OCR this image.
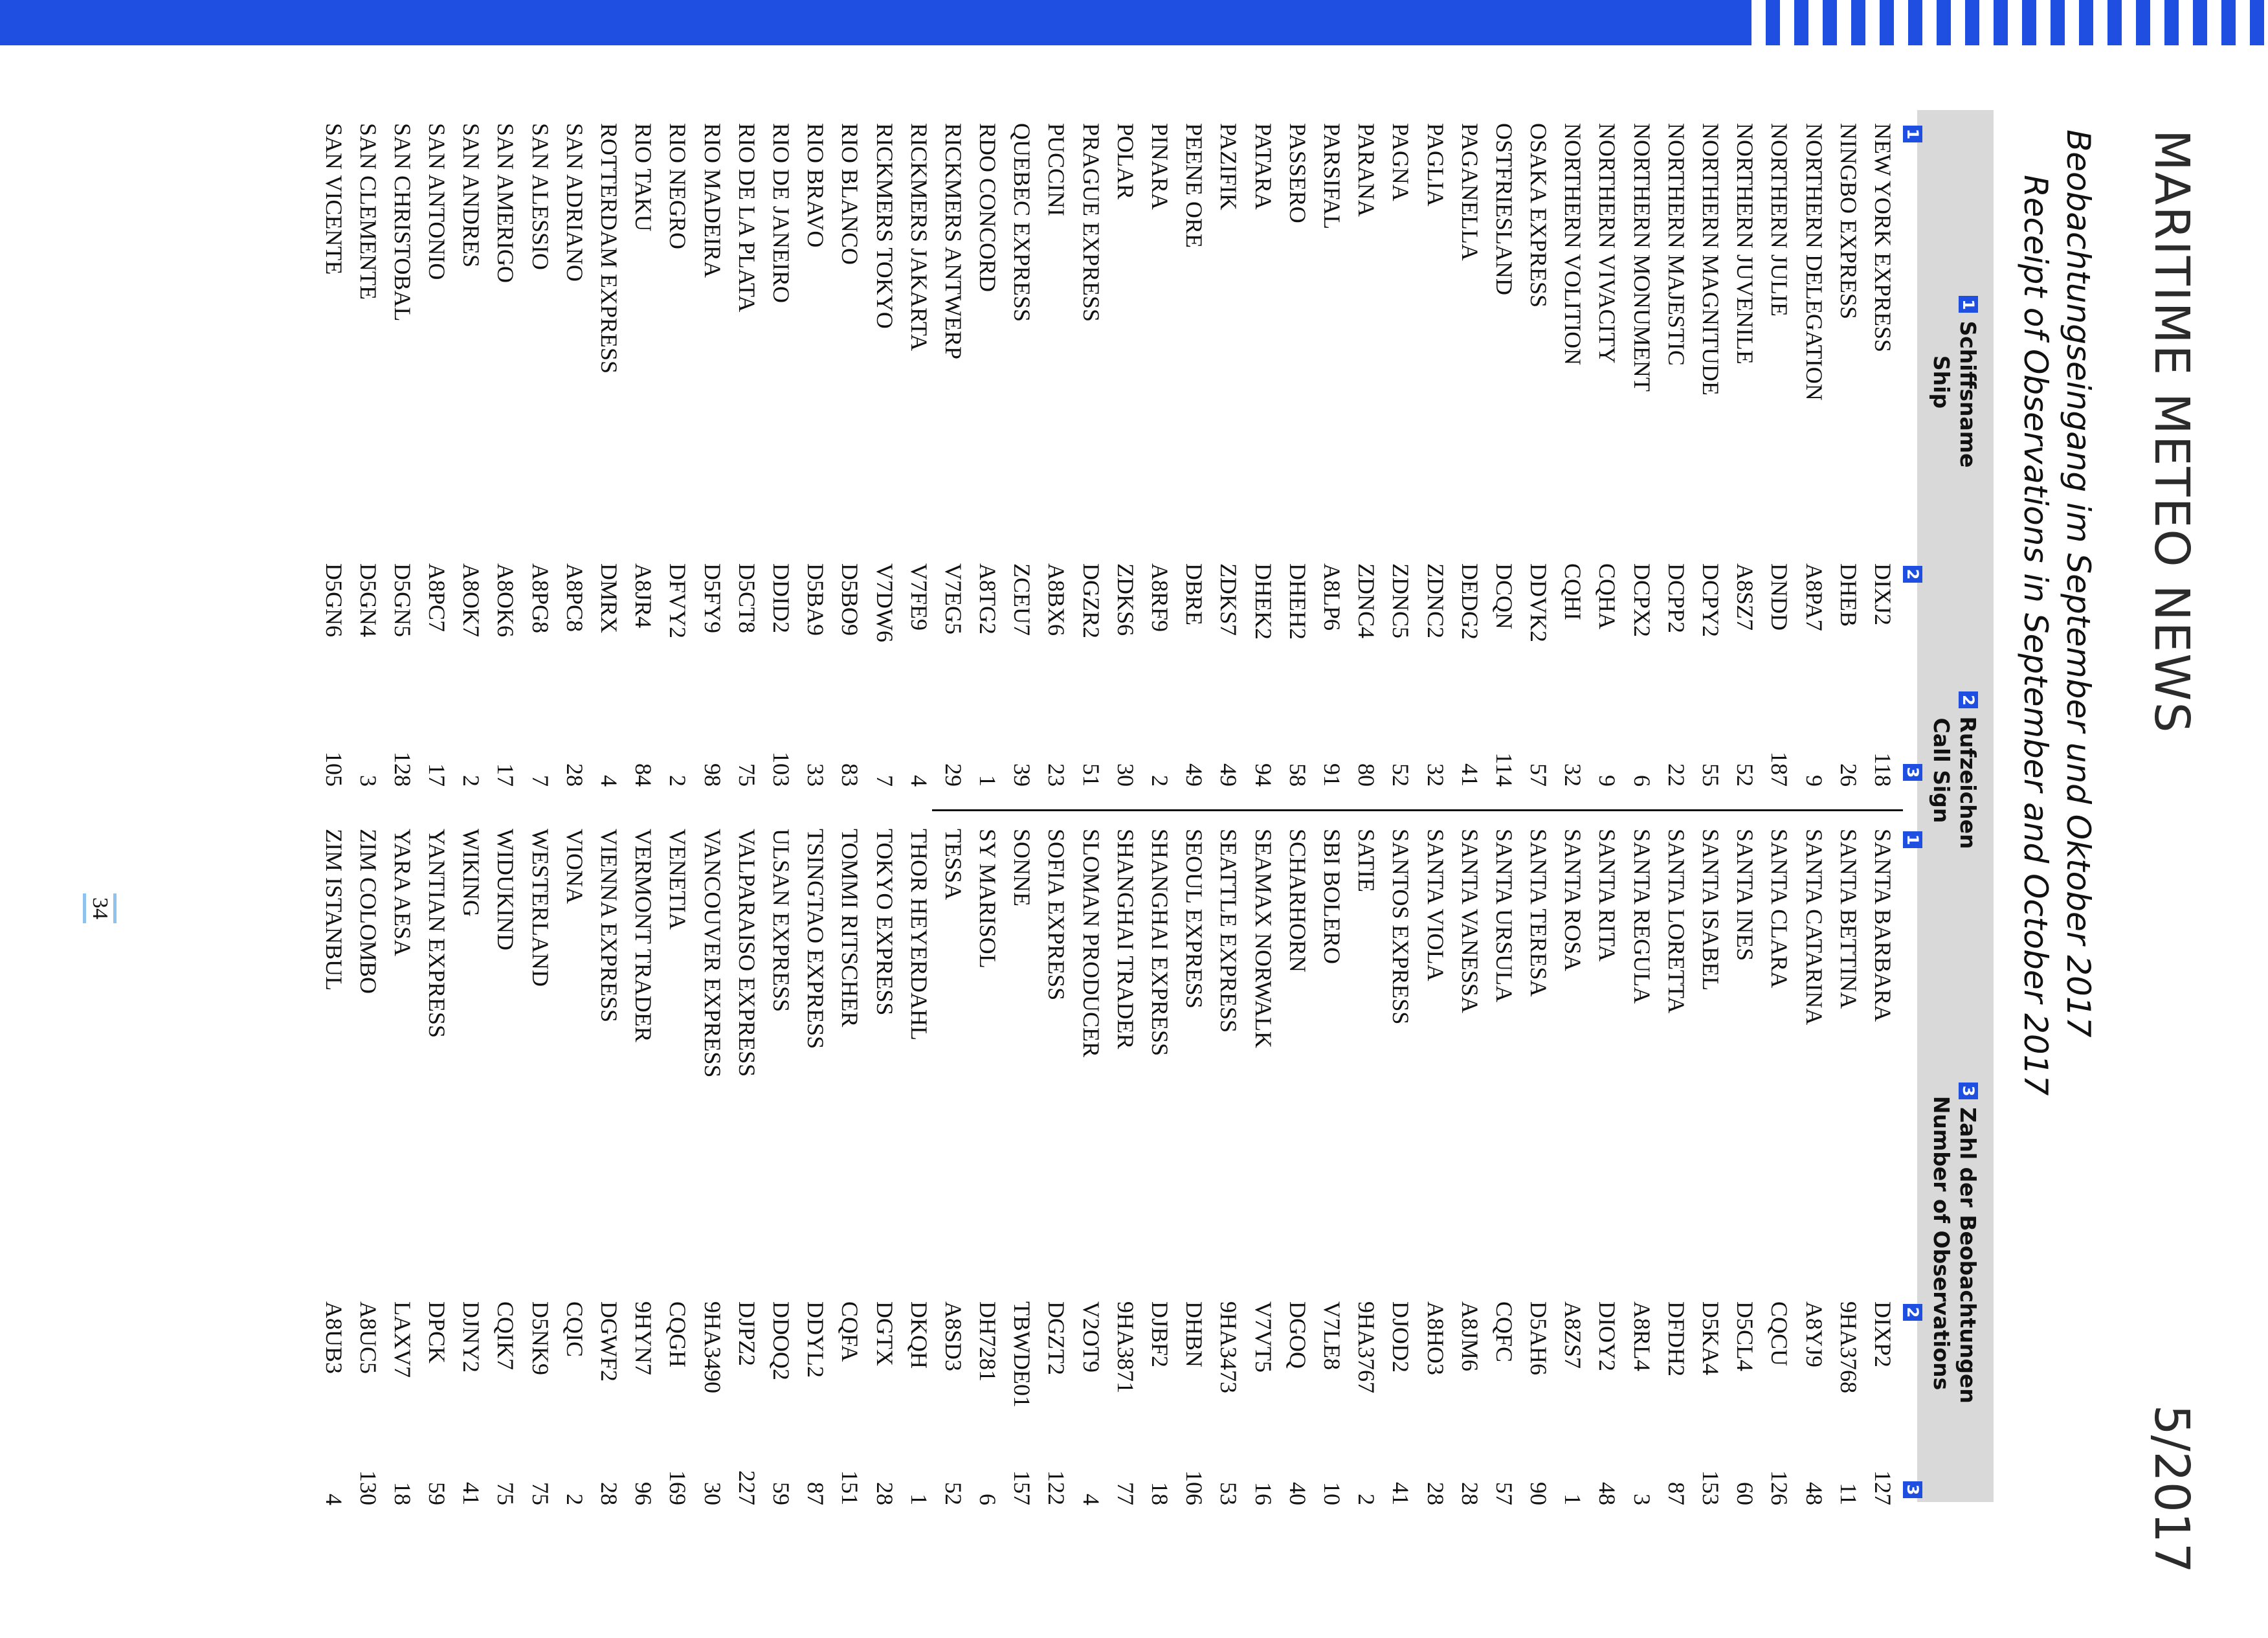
MARITIME METEO NEWS
5/2017
Beobachtungseingang im September und Oktober 2017
Receipt of Observations in September and October 2017
1
Schiffsname
Ship
2
Rufzeichen
Call Sign
3
Zahl der Beobachtungen
Number of Observations
1
2
3
1
2
3
NEW YORK EXPRESS
NINGBO EXPRESS
NORTHERN DELEGATION
NORTHERN JULIE
NORTHERN JUVENILE
NORTHERN MAGNITUDE
NORTHERN MAJESTIC
NORTHERN MONUMENT
NORTHERN VIVACITY
NORTHERN VOLITION
OSAKA EXPRESS
OSTFRIESLAND
PAGANELLA
PAGLIA
PAGNA
PARANA
PARSIFAL
PASSERO
PATARA
PAZIFIK
PEENE ORE
PINARA
POLAR
PRAGUE EXPRESS
PUCCINI
QUEBEC EXPRESS
RDO CONCORD
RICKMERS ANTWERP
RICKMERS JAKARTA
RICKMERS TOKYO
RIO BLANCO
RIO BRAVO
RIO DE JANEIRO
RIO DE LA PLATA
RIO MADEIRA
RIO NEGRO
RIO TAKU
ROTTERDAM EXPRESS
SAN ADRIANO
SAN ALESSIO
SAN AMERIGO
SAN ANDRES
SAN ANTONIO
SAN CHRISTOBAL
SAN CLEMENTE
SAN VICENTE
DIXJ2
DHEB
A8PA7
DNDD
A8SZ7
DCPY2
DCPP2
DCPX2
CQHA
CQHI
DDVK2
DCQN
DEDG2
ZDNC2
ZDNC5
ZDNC4
A8LP6
DHEH2
DHEK2
ZDKS7
DBRE
A8RF9
ZDKS6
DGZR2
A8BX6
ZCEU7
A8TG2
V7EG5
V7FE9
V7DW6
D5BO9
D5BA9
DDID2
D5CT8
D5FY9
DFVY2
A8JR4
DMRX
A8PC8
A8PG8
A8OK6
A8OK7
A8PC7
D5GN5
D5GN4
D5GN6
118
26
9
187
52
55
22
6
9
32
57
114
41
32
52
80
91
58
94
49
49
2
30
51
23
39
1
29
4
7
83
33
103
75
98
2
84
4
28
7
17
2
17
128
3
105
SANTA BARBARA
SANTA BETTINA
SANTA CATARINA
SANTA CLARA
SANTA INES
SANTA ISABEL
SANTA LORETTA
SANTA REGULA
SANTA RITA
SANTA ROSA
SANTA TERESA
SANTA URSULA
SANTA VANESSA
SANTA VIOLA
SANTOS EXPRESS
SATIE
SBI BOLERO
SCHARHORN
SEAMAX NORWALK
SEATTLE EXPRESS
SEOUL EXPRESS
SHANGHAI EXPRESS
SHANGHAI TRADER
SLOMAN PRODUCER
SOFIA EXPRESS
SONNE
SY MARISOL
TESSA
THOR HEYERDAHL
TOKYO EXPRESS
TOMMI RITSCHER
TSINGTAO EXPRESS
ULSAN EXPRESS
VALPARAISO EXPRESS
VANCOUVER EXPRESS
VENETIA
VERMONT TRADER
VIENNA EXPRESS
VIONA
WESTERLAND
WIDUKIND
WIKING
YANTIAN EXPRESS
YARA AESA
ZIM COLOMBO
ZIM ISTANBUL
DIXP2
9HA3768
A8YJ9
CQCU
D5CL4
D5KA4
DFDH2
A8RL4
DIOY2
A8ZS7
D5AH6
CQFC
A8JM6
A8HO3
DJOD2
9HA3767
V7LE8
DGOQ
V7VT5
9HA3473
DHBN
DJBF2
9HA3871
V2OT9
DGZT2
TBWDE01
DH7281
A8SD3
DKQH
DGTX
CQFA
DDYL2
DDOQ2
DJPZ2
9HA3490
CQGH
9HYN7
DGWF2
CQIC
D5NK9
CQIK7
DJNY2
DPCK
LAXV7
A8UC5
A8UB3
127
11
48
126
60
153
87
3
48
1
90
57
28
28
41
2
10
40
16
53
106
18
77
4
122
157
6
52
1
28
151
87
59
227
30
169
96
28
2
75
75
41
59
18
130
4
34
